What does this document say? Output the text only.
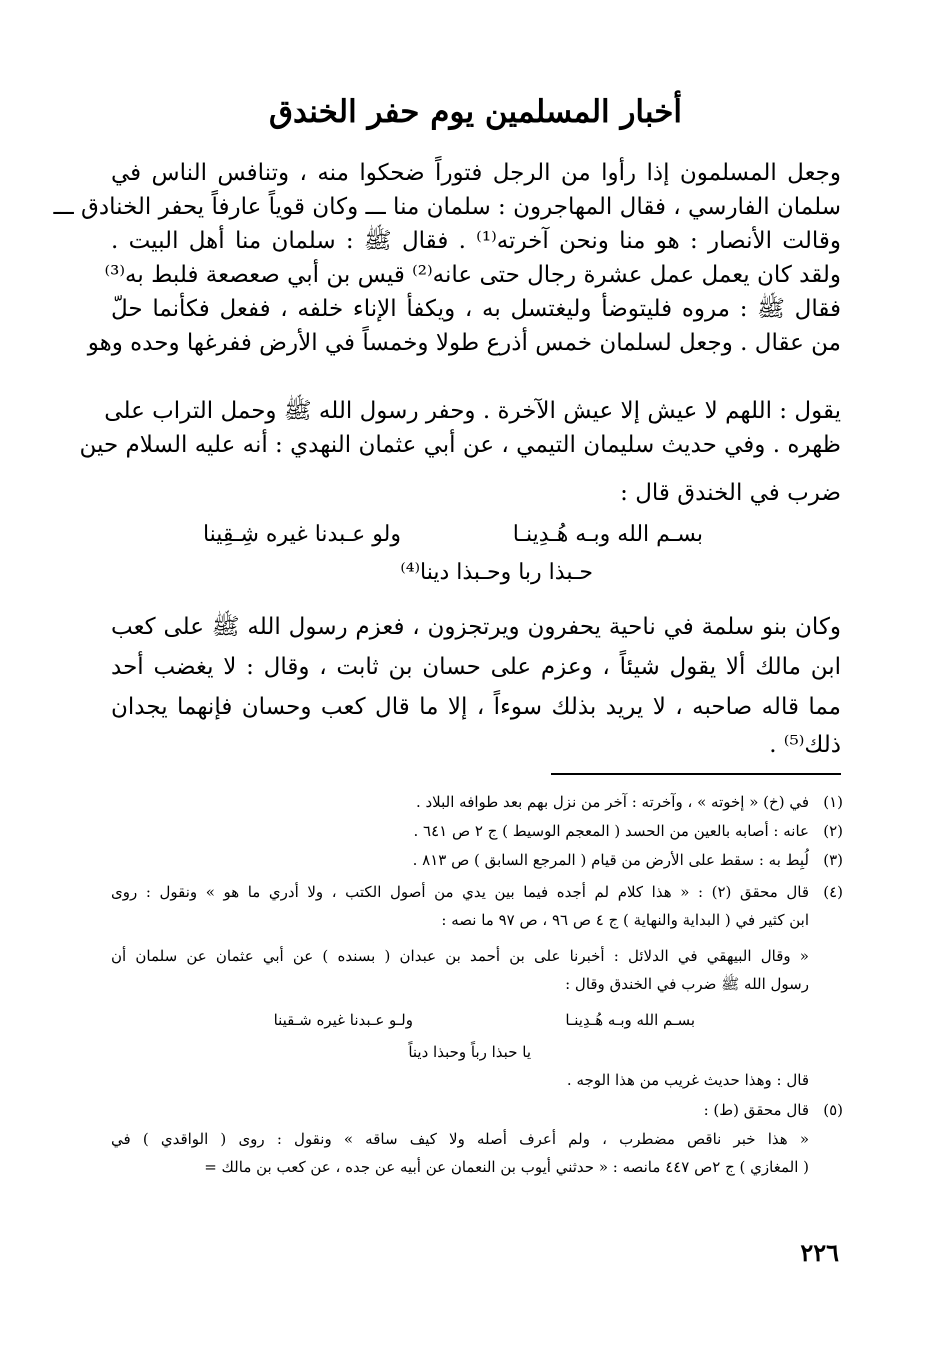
أخبار المسلمين يوم حفر الخندق
وجعل المسلمون إذا رأوا من الرجل فتوراً ضحكوا منه ، وتنافس الناس في
سلمان الفارسي ، فقال المهاجرون : سلمان منا ـــ وكان قوياً عارفاً يحفر الخنادق ـــ
وقالت الأنصار : هو منا ونحن آخرته⁽¹⁾ . فقال ﷺ : سلمان منا أهل البيت .
ولقد كان يعمل عمل عشرة رجال حتى عانه⁽²⁾ قيس بن أبي صعصعة فلبط به⁽³⁾
فقال ﷺ : مروه فليتوضأ وليغتسل به ، ويكفأ الإناء خلفه ، ففعل فكأنما حلّ
من عقال . وجعل لسلمان خمس أذرع طولا وخمساً في الأرض ففرغها وحده وهو
يقول : اللهم لا عيش إلا عيش الآخرة . وحفر رسول الله ﷺ وحمل التراب على
ظهره . وفي حديث سليمان التيمي ، عن أبي عثمان النهدي : أنه عليه السلام حين
ضرب في الخندق قال :
بسـم الله وبـه هُـدِينـا
ولو عـبدنا غيره شِـقِينا
حـبذا ربا وحـبذا دينا⁽⁴⁾
وكان بنو سلمة في ناحية يحفرون ويرتجزون ، فعزم رسول الله ﷺ على كعب
ابن مالك ألا يقول شيئاً ، وعزم على حسان بن ثابت ، وقال : لا يغضب أحد
مما قاله صاحبه ، لا يريد بذلك سوءاً ، إلا ما قال كعب وحسان فإنهما يجدان
ذلك⁽⁵⁾ .
(١)في (خ) « إخوته » ، وآخرته : آخر من نزل بهم بعد طوافه البلاد .
(٢)عانه : أصابه بالعين من الحسد ( المعجم الوسيط ) ج ٢ ص ٦٤١ .
(٣)لُبِط به : سقط على الأرض من قيام ( المرجع السابق ) ص ٨١٣ .
(٤)قال محقق (٢) : « هذا كلام لم أجده فيما بين يدي من أصول الكتب ، ولا أدري ما هو » ونقول : روى
ابن كثير في ( البداية والنهاية ) ج ٤ ص ٩٦ ، ص ٩٧ ما نصه :
« وقال البيهقي في الدلائل : أخبرنا على بن أحمد بن عبدان ( بسنده ) عن أبي عثمان عن سلمان أن
رسول الله ﷺ ضرب في الخندق وقال :
بسـم الله وبـه هُـدِينـا
ولـو عـبدنا غيره شـقينا
يا حبذا رباً وحبذا ديناً
قال : وهذا حديث غريب من هذا الوجه .
(٥)قال محقق (ط) :
« هذا خبر ناقص مضطرب ، ولم أعرف أصله ولا كيف ساقه » ونقول : روى ( الواقدي ) في
( المغازي ) ج ٢ص ٤٤٧ مانصه : « حدثني أيوب بن النعمان عن أبيه عن جده ، عن كعب بن مالك =
٢٢٦
